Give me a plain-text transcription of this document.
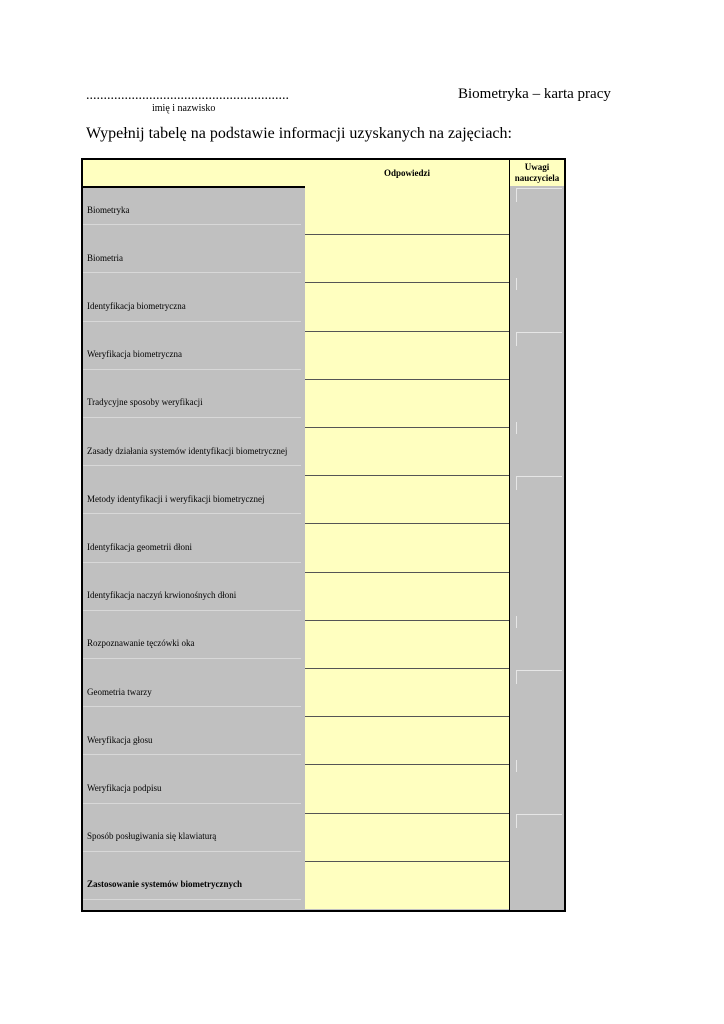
..........................................................
imię i nazwisko
Biometryka – karta pracy
Wypełnij tabelę na podstawie informacji uzyskanych na zajęciach:
Odpowiedzi
Uwagi nauczyciela
Biometryka
Biometria
Identyfikacja biometryczna
Weryfikacja biometryczna
Tradycyjne sposoby weryfikacji
Zasady działania systemów identyfikacji biometrycznej
Metody identyfikacji i weryfikacji biometrycznej
Identyfikacja geometrii dłoni
Identyfikacja naczyń krwionośnych dłoni
Rozpoznawanie tęczówki oka
Geometria twarzy
Weryfikacja głosu
Weryfikacja podpisu
Sposób posługiwania się klawiaturą
Zastosowanie systemów biometrycznych
